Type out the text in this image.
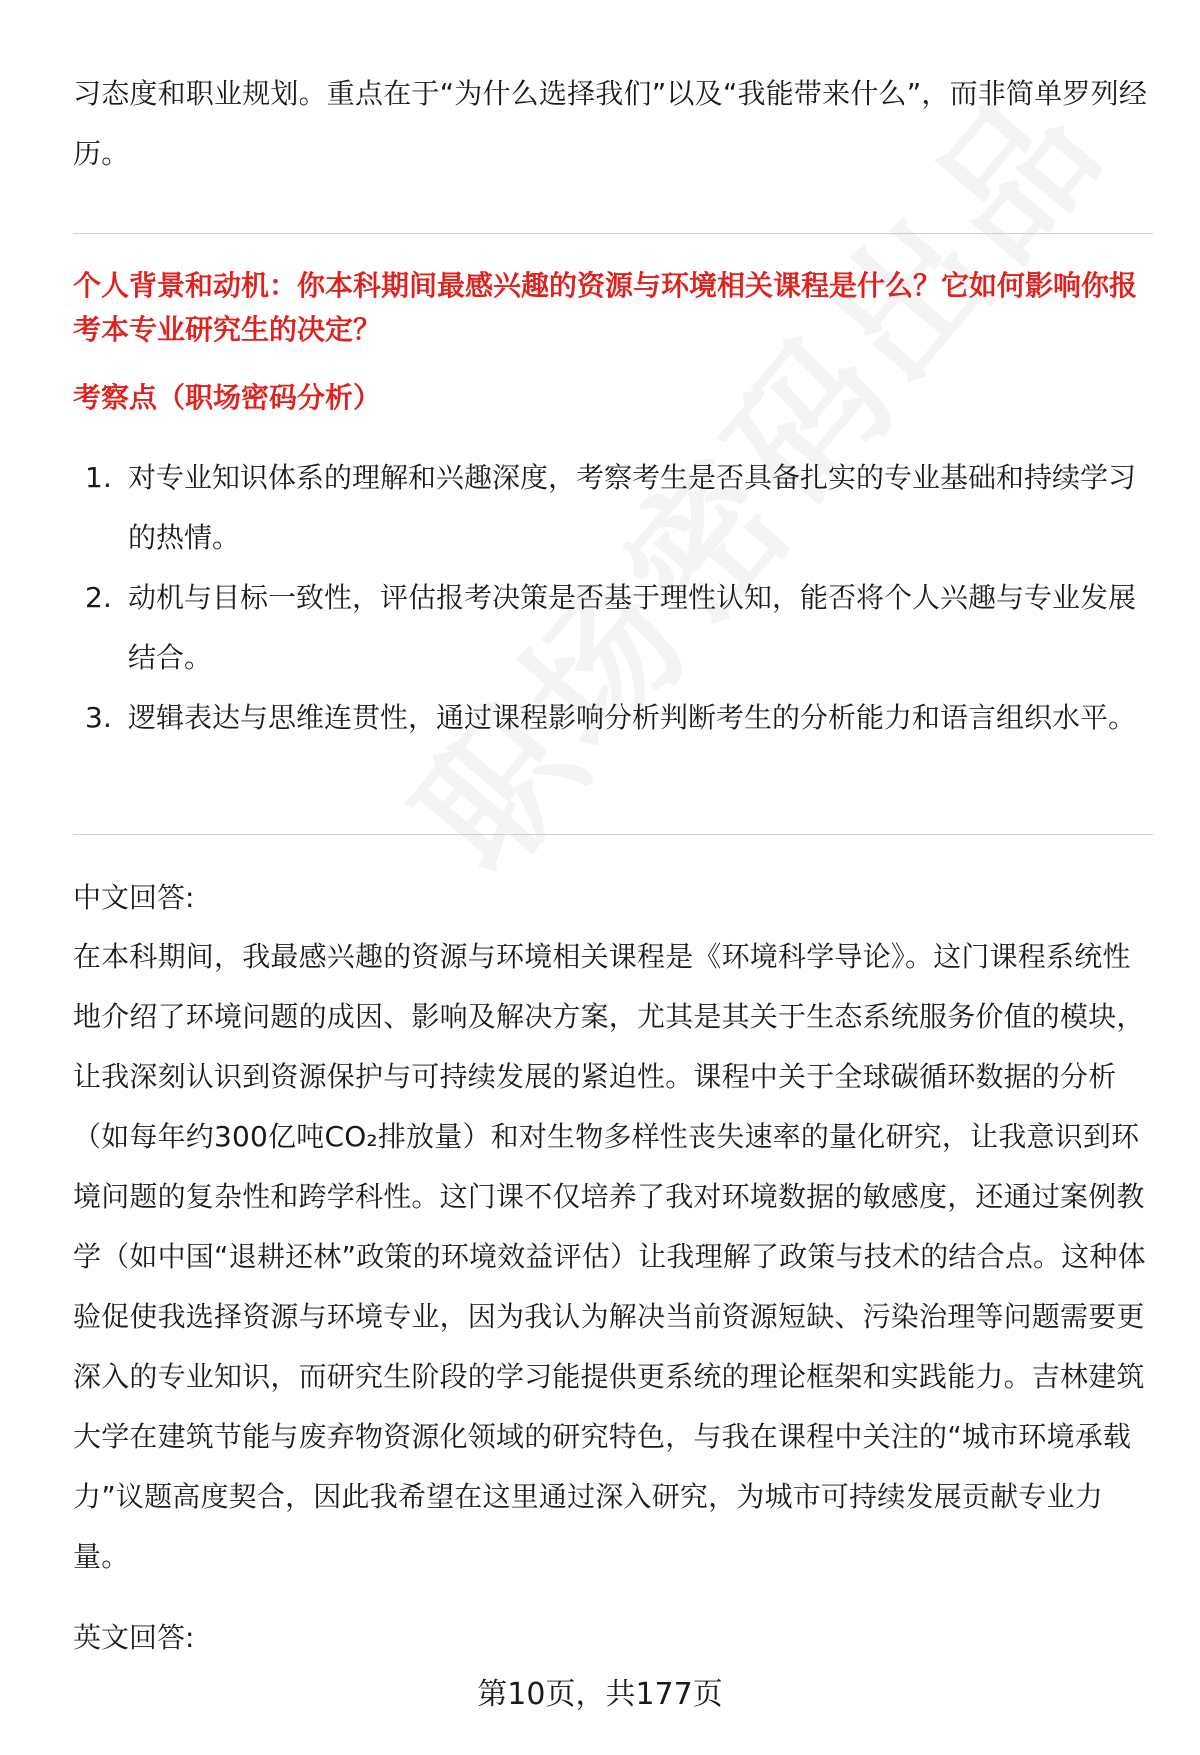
习态度和职业规划。重点在于“为什么选择我们”以及“我能带来什么”，而非简单罗列经历。

个人背景和动机：你本科期间最感兴趣的资源与环境相关课程是什么？它如何影响你报考本专业研究生的决定？

考察点（职场密码分析）

1. 对专业知识体系的理解和兴趣深度，考察考生是否具备扎实的专业基础和持续学习的热情。
2. 动机与目标一致性，评估报考决策是否基于理性认知，能否将个人兴趣与专业发展结合。
3. 逻辑表达与思维连贯性，通过课程影响分析判断考生的分析能力和语言组织水平。

中文回答:

在本科期间，我最感兴趣的资源与环境相关课程是《环境科学导论》。这门课程系统性地介绍了环境问题的成因、影响及解决方案，尤其是其关于生态系统服务价值的模块，让我深刻认识到资源保护与可持续发展的紧迫性。课程中关于全球碳循环数据的分析（如每年约300亿吨CO₂排放量）和对生物多样性丧失速率的量化研究，让我意识到环境问题的复杂性和跨学科性。这门课不仅培养了我对环境数据的敏感度，还通过案例教学（如中国“退耕还林”政策的环境效益评估）让我理解了政策与技术的结合点。这种体验促使我选择资源与环境专业，因为我认为解决当前资源短缺、污染治理等问题需要更深入的专业知识，而研究生阶段的学习能提供更系统的理论框架和实践能力。吉林建筑大学在建筑节能与废弃物资源化领域的研究特色，与我在课程中关注的“城市环境承载力”议题高度契合，因此我希望在这里通过深入研究，为城市可持续发展贡献专业力量。

英文回答:

第10页，共177页
